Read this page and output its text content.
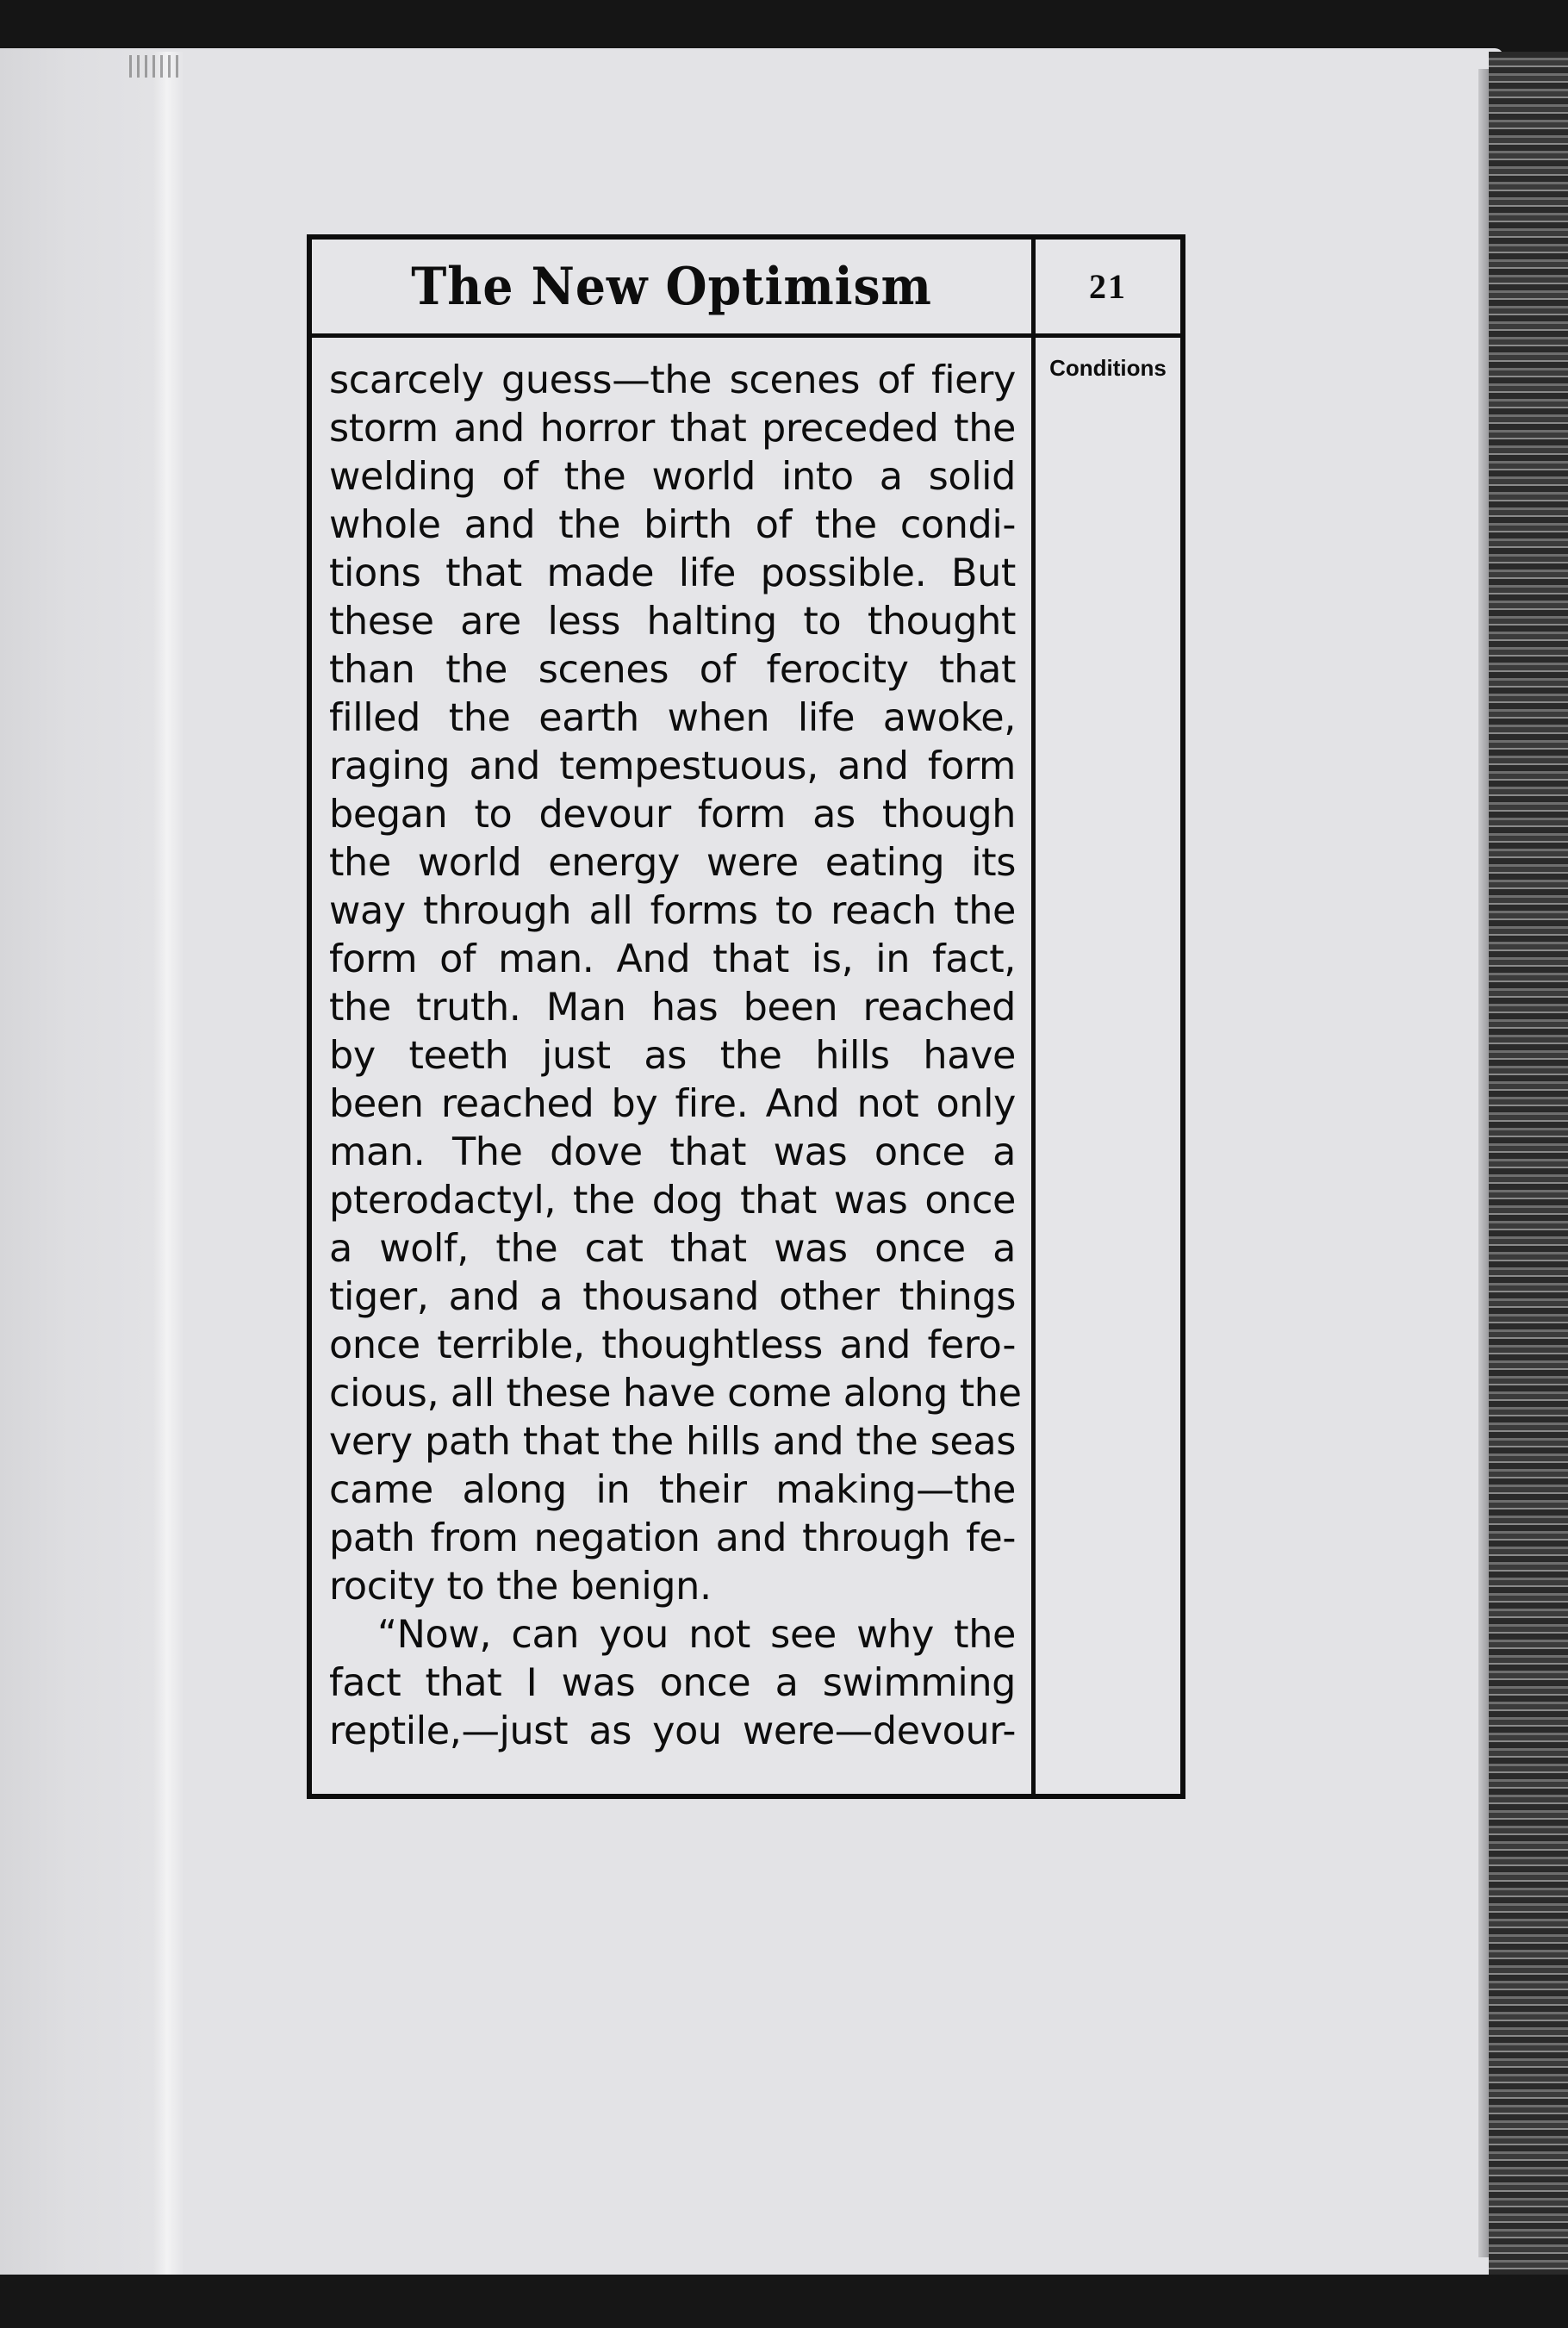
The New Optimism	21
scarcely guess—the scenes of fiery
storm and horror that preceded the
welding of the world into a solid
whole and the birth of the condi-
tions that made life possible. But
these are less halting to thought
than the scenes of ferocity that
filled the earth when life awoke,
raging and tempestuous, and form
began to devour form as though
the world energy were eating its
way through all forms to reach the
form of man. And that is, in fact,
the truth. Man has been reached
by teeth just as the hills have
been reached by fire. And not only
man. The dove that was once a
pterodactyl, the dog that was once
a wolf, the cat that was once a
tiger, and a thousand other things
once terrible, thoughtless and fero-
cious, all these have come along the
very path that the hills and the seas
came along in their making—the
path from negation and through fe-
rocity to the benign.
“Now, can you not see why the
fact that I was once a swimming
reptile,—just as you were—devour-
Conditions
